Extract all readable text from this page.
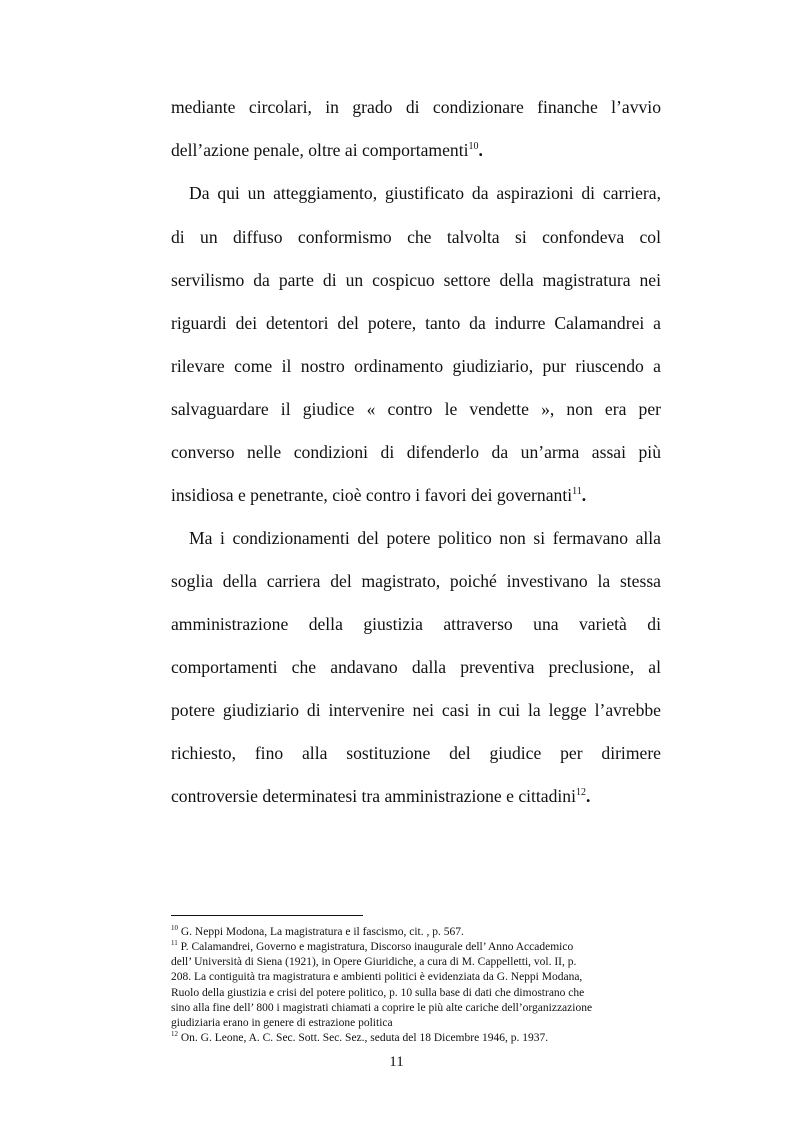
mediante circolari, in grado di condizionare finanche l’avvio
dell’azione penale, oltre ai comportamenti$^{10}$.
Da qui un atteggiamento, giustificato da aspirazioni di carriera,
di un diffuso conformismo che talvolta si confondeva col
servilismo da parte di un cospicuo settore della magistratura nei
riguardi dei detentori del potere, tanto da indurre Calamandrei a
rilevare come il nostro ordinamento giudiziario, pur riuscendo a
salvaguardare il giudice « contro le vendette », non era per
converso nelle condizioni di difenderlo da un’arma assai più
insidiosa e penetrante, cioè contro i favori dei governanti$^{11}$.
Ma i condizionamenti del potere politico non si fermavano alla
soglia della carriera del magistrato, poiché investivano la stessa
amministrazione della giustizia attraverso una varietà di
comportamenti che andavano dalla preventiva preclusione, al
potere giudiziario di intervenire nei casi in cui la legge l’avrebbe
richiesto, fino alla sostituzione del giudice per dirimere
controversie determinatesi tra amministrazione e cittadini$^{12}$.
$^{10}$ G. Neppi Modona, La magistratura e il fascismo, cit. , p. 567.
$^{11}$ P. Calamandrei, Governo e magistratura, Discorso inaugurale dell’ Anno Accademico
dell’ Università di Siena (1921), in Opere Giuridiche, a cura di M. Cappelletti, vol. II, p.
208. La contiguità tra magistratura e ambienti politici è evidenziata da G. Neppi Modana,
Ruolo della giustizia e crisi del potere politico, p. 10 sulla base di dati che dimostrano che
sino alla fine dell’ 800 i magistrati chiamati a coprire le più alte cariche dell’organizzazione
giudiziaria erano in genere di estrazione politica
$^{12}$ On. G. Leone, A. C. Sec. Sott. Sec. Sez., seduta del 18 Dicembre 1946, p. 1937.
11
